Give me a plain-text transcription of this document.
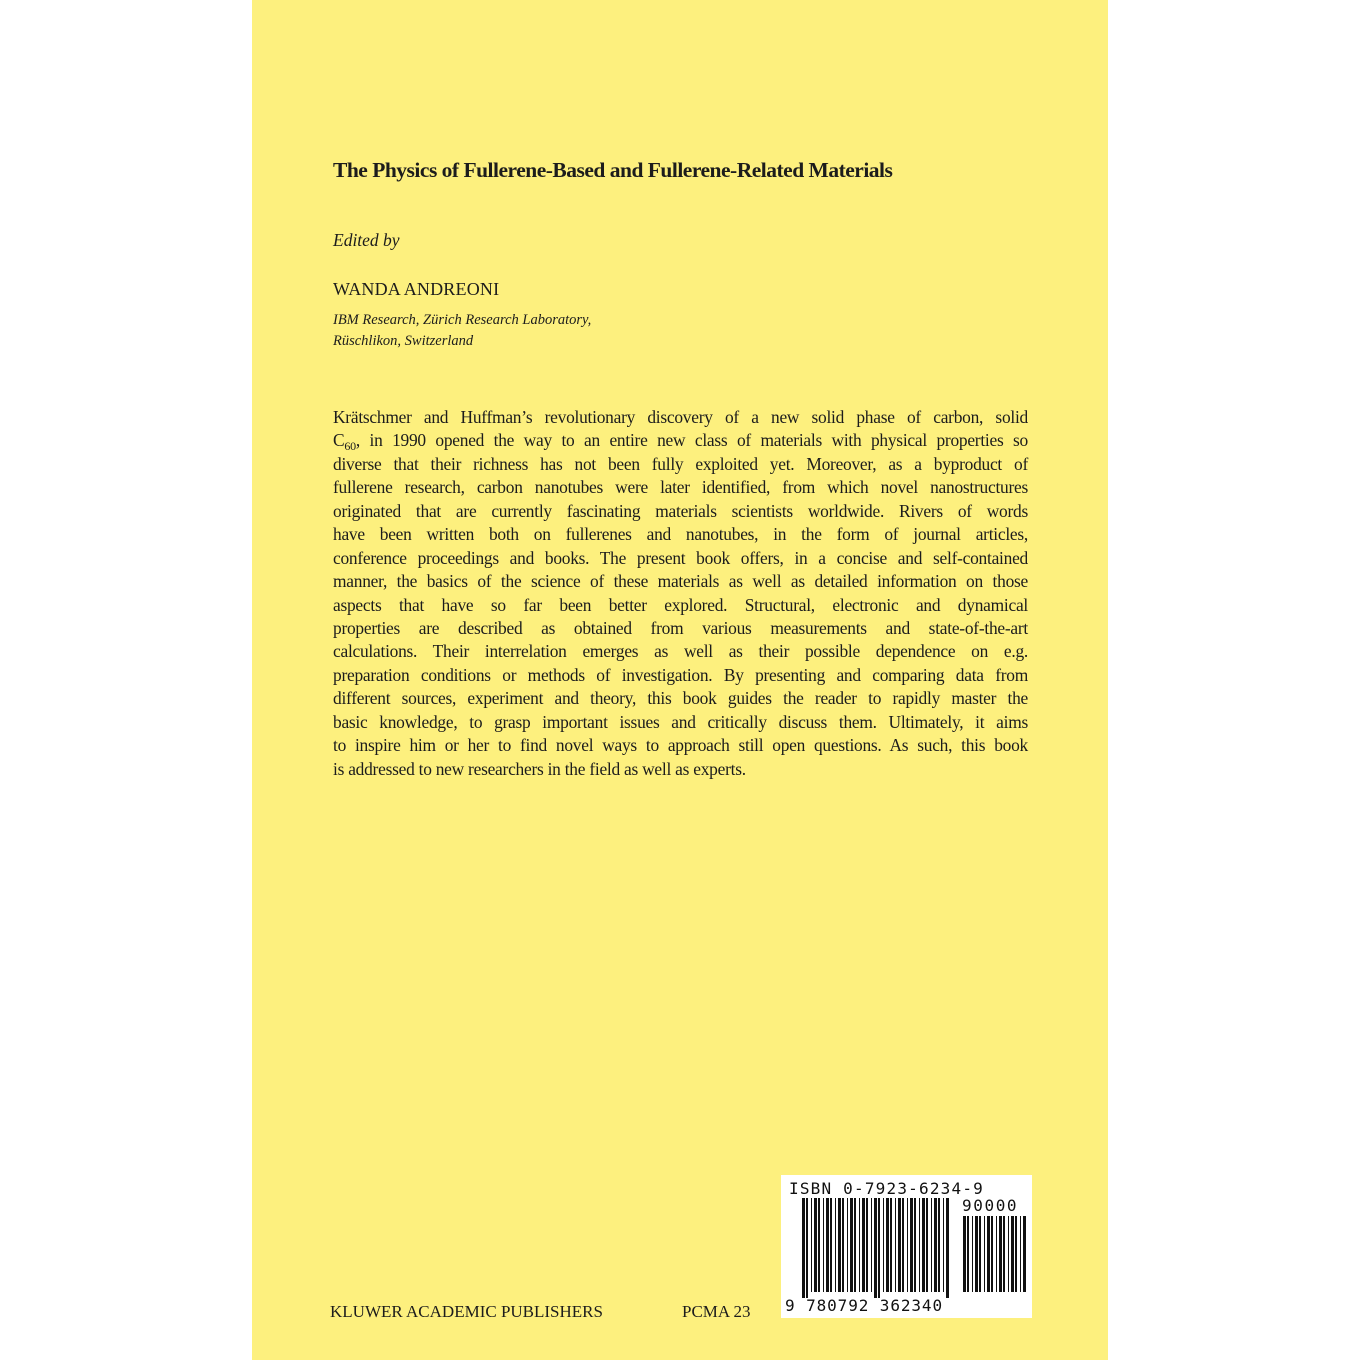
The Physics of Fullerene-Based and Fullerene-Related Materials
Edited by
WANDA ANDREONI
IBM Research, Zürich Research Laboratory,
Rüschlikon, Switzerland
Krätschmer and Huffman’s revolutionary discovery of a new solid phase of carbon, solid
$C_{60}$, in 1990 opened the way to an entire new class of materials with physical properties so
diverse that their richness has not been fully exploited yet. Moreover, as a byproduct of
fullerene research, carbon nanotubes were later identified, from which novel nanostructures
originated that are currently fascinating materials scientists worldwide. Rivers of words
have been written both on fullerenes and nanotubes, in the form of journal articles,
conference proceedings and books. The present book offers, in a concise and self-contained
manner, the basics of the science of these materials as well as detailed information on those
aspects that have so far been better explored. Structural, electronic and dynamical
properties are described as obtained from various measurements and state-of-the-art
calculations. Their interrelation emerges as well as their possible dependence on e.g.
preparation conditions or methods of investigation. By presenting and comparing data from
different sources, experiment and theory, this book guides the reader to rapidly master the
basic knowledge, to grasp important issues and critically discuss them. Ultimately, it aims
to inspire him or her to find novel ways to approach still open questions. As such, this book
is addressed to new researchers in the field as well as experts.
KLUWER ACADEMIC PUBLISHERS	PCMA 23
ISBN 0-7923-6234-9
90000
9 780792 362340
